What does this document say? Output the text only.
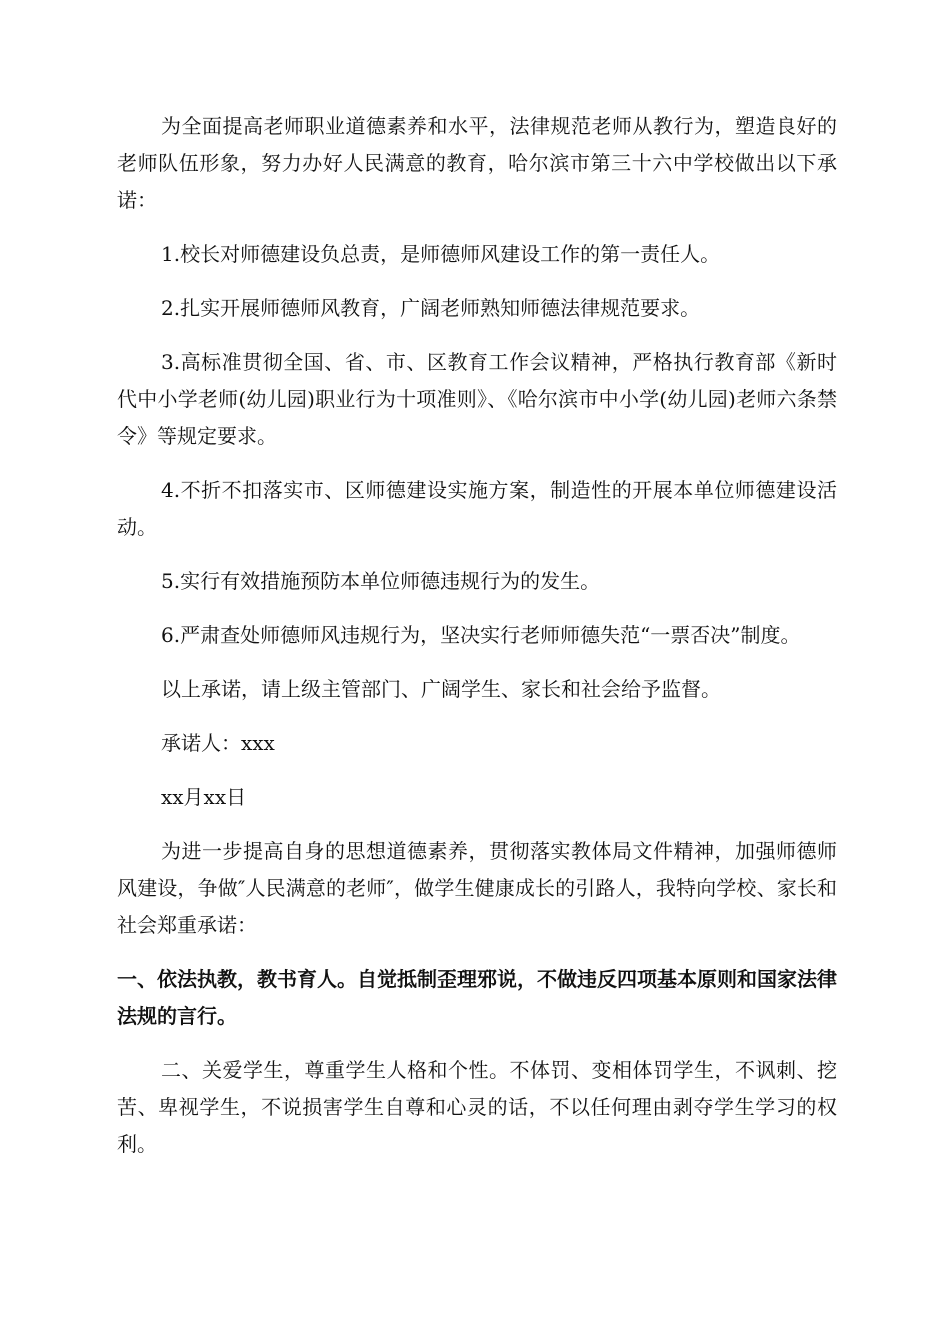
为全面提高老师职业道德素养和水平，法律规范老师从教行为，塑造良好的老师队伍形象，努力办好人民满意的教育，哈尔滨市第三十六中学校做出以下承诺：

1.校长对师德建设负总责，是师德师风建设工作的第一责任人。

2.扎实开展师德师风教育，广阔老师熟知师德法律规范要求。

3.高标准贯彻全国、省、市、区教育工作会议精神，严格执行教育部《新时代中小学老师(幼儿园)职业行为十项准则》、《哈尔滨市中小学(幼儿园)老师六条禁令》等规定要求。

4.不折不扣落实市、区师德建设实施方案，制造性的开展本单位师德建设活动。

5.实行有效措施预防本单位师德违规行为的发生。

6.严肃查处师德师风违规行为，坚决实行老师师德失范“一票否决”制度。

以上承诺，请上级主管部门、广阔学生、家长和社会给予监督。

承诺人：xxx

xx月xx日

为进一步提高自身的思想道德素养，贯彻落实教体局文件精神，加强师德师风建设，争做″人民满意的老师″，做学生健康成长的引路人，我特向学校、家长和社会郑重承诺：

一、依法执教，教书育人。自觉抵制歪理邪说，不做违反四项基本原则和国家法律法规的言行。

二、关爱学生，尊重学生人格和个性。不体罚、变相体罚学生，不讽刺、挖苦、卑视学生，不说损害学生自尊和心灵的话，不以任何理由剥夺学生学习的权利。
